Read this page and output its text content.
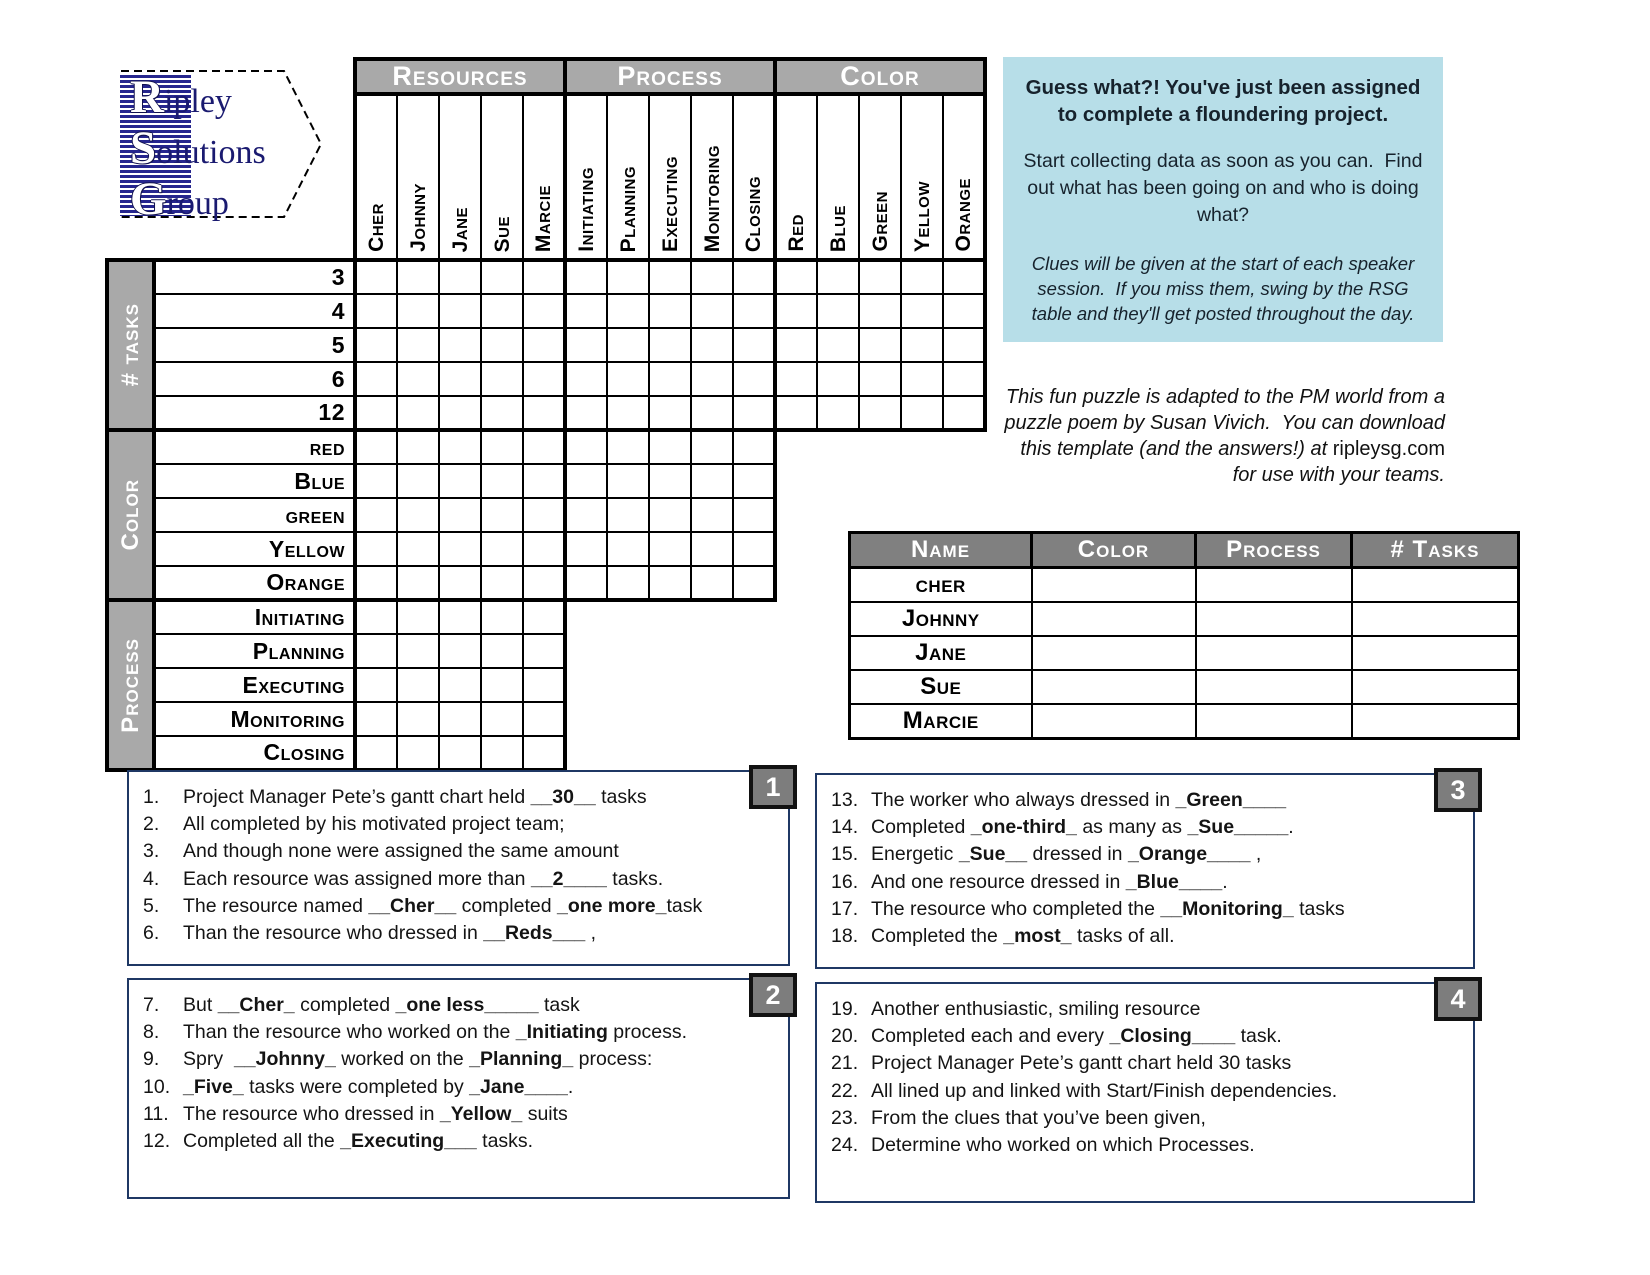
Ripley
Solutions
Group
		Resources					Process					Color				

		Cher	Johnny	Jane	Sue	Marcie	Initiating	Planning	Executing	Monitoring	Closing	Red	Blue	Green	Yellow	Orange

# tasks	3															
	4															
	5															
	6															
	12															

Color	red															
	Blue															
	green															
	Yellow															
	Orange															

Process	Initiating															
	Planning															
	Executing															
	Monitoring															
	Closing															

Guess what?! You've just been assigned to complete a floundering project.

Start collecting data as soon as you can.  Find out what has been going on and who is doing what?

Clues will be given at the start of each speaker session.  If you miss them, swing by the RSG table and they'll get posted throughout the day.

This fun puzzle is adapted to the PM world from a
puzzle poem by Susan Vivich.  You can download
this template (and the answers!) at ripleysg.com
for use with your teams.
Name	Color	Process	# Tasks
cher			
Johnny			
Jane			
Sue			
Marcie			
1
1.	Project Manager Pete’s gantt chart held __30__ tasks
2.	All completed by his motivated project team;
3.	And though none were assigned the same amount
4.	Each resource was assigned more than __2____ tasks.
5.	The resource named __Cher__ completed _one more_task
6.	Than the resource who dressed in __Reds___ ,
2
7.	But __Cher_ completed _one less_____ task
8.	Than the resource who worked on the _Initiating process.
9.	Spry  __Johnny_ worked on the _Planning_ process:
10. _Five_ tasks were completed by _Jane____.
11. The resource who dressed in _Yellow_ suits
12. Completed all the _Executing___ tasks.
3
13. The worker who always dressed in _Green____
14. Completed _one-third_ as many as _Sue_____.
15. Energetic _Sue__ dressed in _Orange____ ,
16. And one resource dressed in _Blue____.
17. The resource who completed the __Monitoring_ tasks
18. Completed the _most_ tasks of all.
4
19. Another enthusiastic, smiling resource
20. Completed each and every _Closing____ task.
21. Project Manager Pete’s gantt chart held 30 tasks
22. All lined up and linked with Start/Finish dependencies.
23. From the clues that you’ve been given,
24. Determine who worked on which Processes.
